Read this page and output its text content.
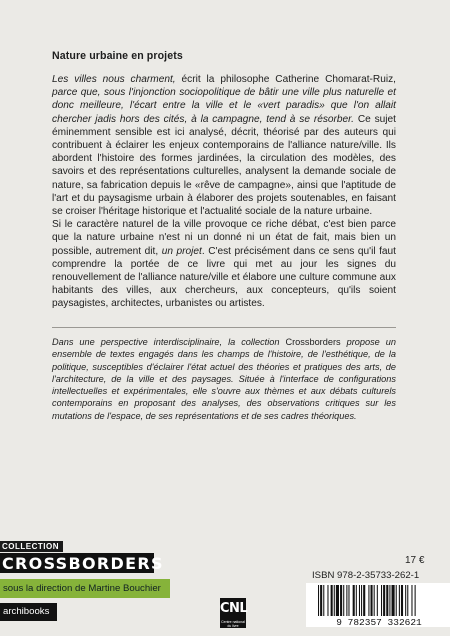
Nature urbaine en projets

Les villes nous charment, écrit la philosophe Catherine Chomarat-Ruiz, parce que, sous l'injonction sociopolitique de bâtir une ville plus naturelle et donc meilleure, l'écart entre la ville et le «vert paradis» que l'on allait chercher jadis hors des cités, à la campagne, tend à se résorber. Ce sujet éminemment sensible est ici analysé, décrit, théorisé par des auteurs qui contribuent à éclairer les enjeux contemporains de l'alliance nature/ville. Ils abordent l'histoire des formes jardinées, la circulation des modèles, des savoirs et des représentations culturelles, analysent la demande sociale de nature, sa fabrication depuis le «rêve de campagne», ainsi que l'aptitude de l'art et du paysagisme urbain à élaborer des projets soutenables, en faisant se croiser l'héritage historique et l'actualité sociale de la nature urbaine.

Si le caractère naturel de la ville provoque ce riche débat, c'est bien parce que la nature urbaine n'est ni un donné ni un état de fait, mais bien un possible, autrement dit, un projet. C'est précisément dans ce sens qu'il faut comprendre la portée de ce livre qui met au jour les signes du renouvellement de l'alliance nature/ville et élabore une culture commune aux habitants des villes, aux chercheurs, aux concepteurs, qu'ils soient paysagistes, architectes, urbanistes ou artistes.

Dans une perspective interdisciplinaire, la collection Crossborders propose un ensemble de textes engagés dans les champs de l'histoire, de l'esthétique, de la politique, susceptibles d'éclairer l'état actuel des théories et pratiques des arts, de l'architecture, de la ville et des paysages. Située à l'interface de configurations intellectuelles et expérimentales, elle s'ouvre aux thèmes et aux débats culturels contemporains en proposant des analyses, des observations critiques sur les mutations de l'espace, de ses représentations et de ses cadres théoriques.
COLLECTION
CROSSBORDERS
sous la direction de Martine Bouchier
archibooks	CNL
Centre national du livre
17 €
ISBN 978-2-35733-262-1
9 782357 332621
